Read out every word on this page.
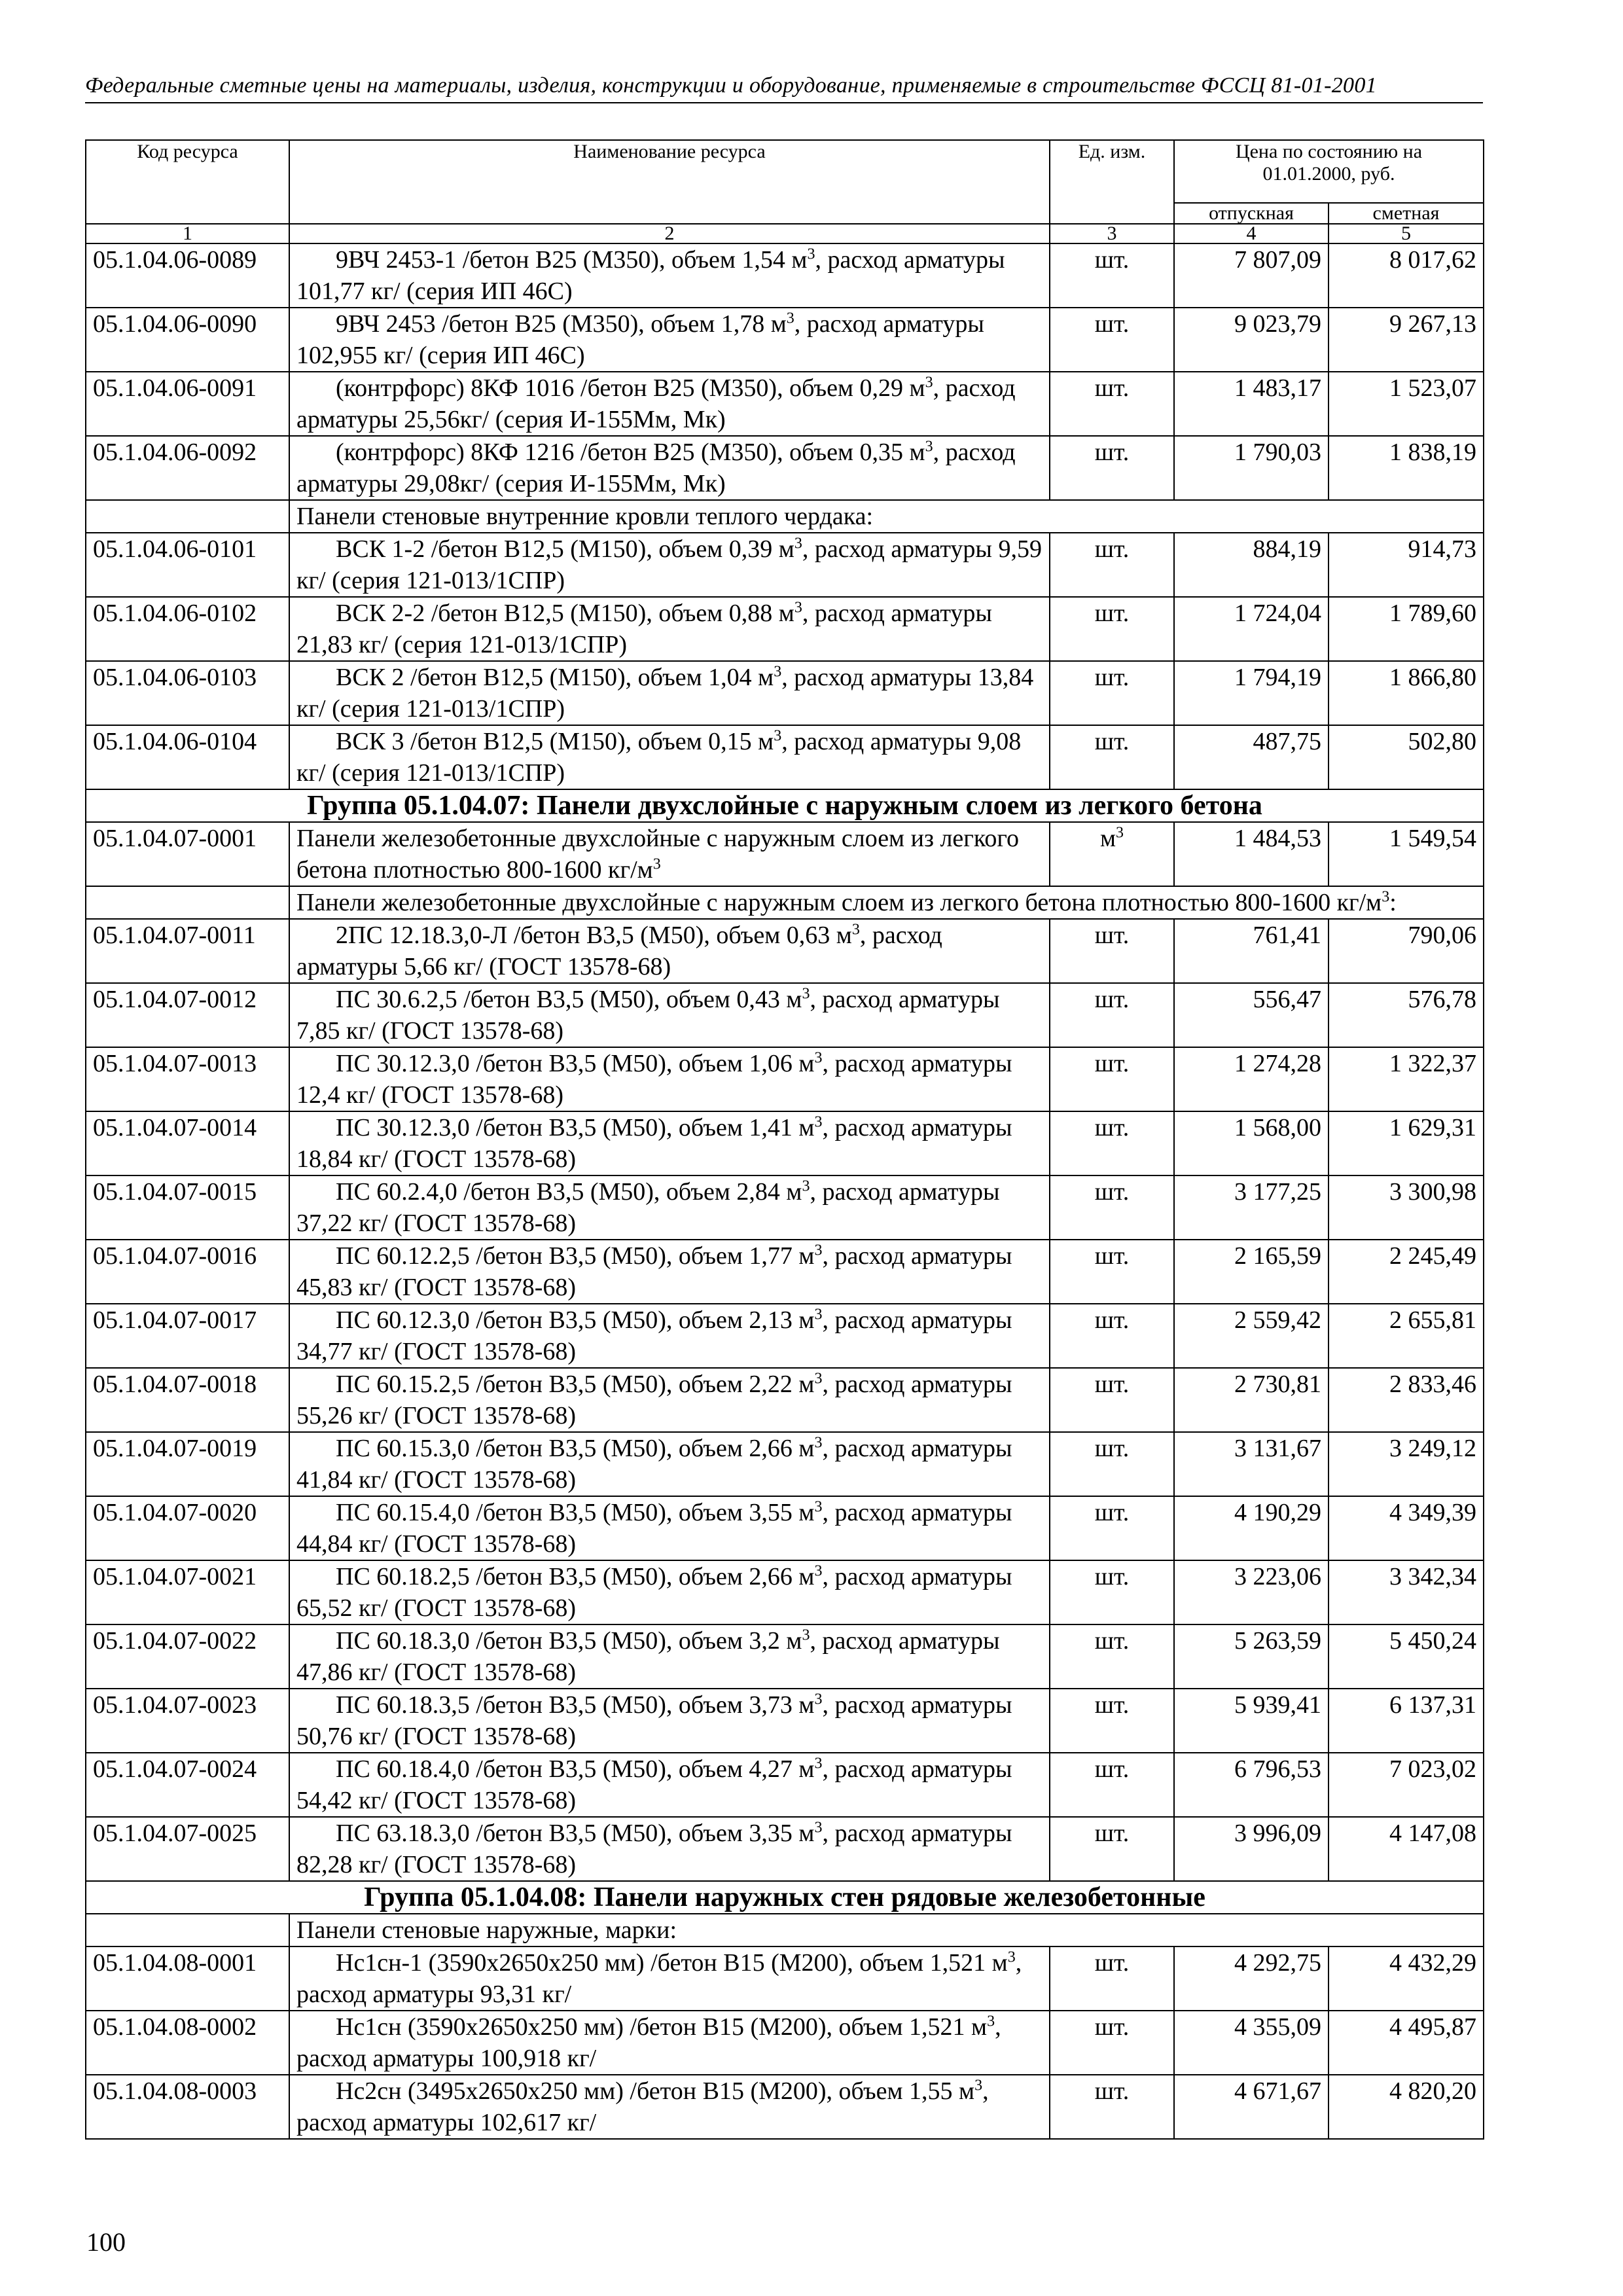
Федеральные сметные цены на материалы, изделия, конструкции и оборудование, применяемые в строительстве ФССЦ 81-01-2001
Код ресурса	Наименование ресурса	Ед. изм.	Цена по состоянию на 01.01.2000, руб.	
			отпускная	сметная
1	2	3	4	5
05.1.04.06-0089	9ВЧ 2453-1 /бетон В25 (М350), объем 1,54 $м^3$, расход арматуры 101,77 кг/ (серия ИП 46С)	шт.	7 807,09	8 017,62
05.1.04.06-0090	9ВЧ 2453 /бетон В25 (М350), объем 1,78 $м^3$, расход арматуры 102,955 кг/ (серия ИП 46С)	шт.	9 023,79	9 267,13
05.1.04.06-0091	(контрфорс) 8КФ 1016 /бетон В25 (М350), объем 0,29 $м^3$, расход арматуры 25,56кг/ (серия И-155Мм, Мк)	шт.	1 483,17	1 523,07
05.1.04.06-0092	(контрфорс) 8КФ 1216 /бетон В25 (М350), объем 0,35 $м^3$, расход арматуры 29,08кг/ (серия И-155Мм, Мк)	шт.	1 790,03	1 838,19
	Панели стеновые внутренние кровли теплого чердака:			
05.1.04.06-0101	ВСК 1-2 /бетон В12,5 (М150), объем 0,39 $м^3$, расход арматуры 9,59 кг/ (серия 121-013/1СПР)	шт.	884,19	914,73
05.1.04.06-0102	ВСК 2-2 /бетон В12,5 (М150), объем 0,88 $м^3$, расход арматуры 21,83 кг/ (серия 121-013/1СПР)	шт.	1 724,04	1 789,60
05.1.04.06-0103	ВСК 2 /бетон В12,5 (М150), объем 1,04 $м^3$, расход арматуры 13,84 кг/ (серия 121-013/1СПР)	шт.	1 794,19	1 866,80
05.1.04.06-0104	ВСК 3 /бетон В12,5 (М150), объем 0,15 $м^3$, расход арматуры 9,08 кг/ (серия 121-013/1СПР)	шт.	487,75	502,80
Группа 05.1.04.07: Панели двухслойные с наружным слоем из легкого бетона				
05.1.04.07-0001	Панели железобетонные двухслойные с наружным слоем из легкого бетона плотностью 800-1600 $кг/м^3$	$м^3$	1 484,53	1 549,54
	Панели железобетонные двухслойные с наружным слоем из легкого бетона плотностью 800-1600 $кг/м^3$:			
05.1.04.07-0011	2ПС 12.18.3,0-Л /бетон В3,5 (М50), объем 0,63 $м^3$, расход арматуры 5,66 кг/ (ГОСТ 13578-68)	шт.	761,41	790,06
05.1.04.07-0012	ПС 30.6.2,5 /бетон В3,5 (М50), объем 0,43 $м^3$, расход арматуры 7,85 кг/ (ГОСТ 13578-68)	шт.	556,47	576,78
05.1.04.07-0013	ПС 30.12.3,0 /бетон В3,5 (М50), объем 1,06 $м^3$, расход арматуры 12,4 кг/ (ГОСТ 13578-68)	шт.	1 274,28	1 322,37
05.1.04.07-0014	ПС 30.12.3,0 /бетон В3,5 (М50), объем 1,41 $м^3$, расход арматуры 18,84 кг/ (ГОСТ 13578-68)	шт.	1 568,00	1 629,31
05.1.04.07-0015	ПС 60.2.4,0 /бетон В3,5 (М50), объем 2,84 $м^3$, расход арматуры 37,22 кг/ (ГОСТ 13578-68)	шт.	3 177,25	3 300,98
05.1.04.07-0016	ПС 60.12.2,5 /бетон В3,5 (М50), объем 1,77 $м^3$, расход арматуры 45,83 кг/ (ГОСТ 13578-68)	шт.	2 165,59	2 245,49
05.1.04.07-0017	ПС 60.12.3,0 /бетон В3,5 (М50), объем 2,13 $м^3$, расход арматуры 34,77 кг/ (ГОСТ 13578-68)	шт.	2 559,42	2 655,81
05.1.04.07-0018	ПС 60.15.2,5 /бетон В3,5 (М50), объем 2,22 $м^3$, расход арматуры 55,26 кг/ (ГОСТ 13578-68)	шт.	2 730,81	2 833,46
05.1.04.07-0019	ПС 60.15.3,0 /бетон В3,5 (М50), объем 2,66 $м^3$, расход арматуры 41,84 кг/ (ГОСТ 13578-68)	шт.	3 131,67	3 249,12
05.1.04.07-0020	ПС 60.15.4,0 /бетон В3,5 (М50), объем 3,55 $м^3$, расход арматуры 44,84 кг/ (ГОСТ 13578-68)	шт.	4 190,29	4 349,39
05.1.04.07-0021	ПС 60.18.2,5 /бетон В3,5 (М50), объем 2,66 $м^3$, расход арматуры 65,52 кг/ (ГОСТ 13578-68)	шт.	3 223,06	3 342,34
05.1.04.07-0022	ПС 60.18.3,0 /бетон В3,5 (М50), объем 3,2 $м^3$, расход арматуры 47,86 кг/ (ГОСТ 13578-68)	шт.	5 263,59	5 450,24
05.1.04.07-0023	ПС 60.18.3,5 /бетон В3,5 (М50), объем 3,73 $м^3$, расход арматуры 50,76 кг/ (ГОСТ 13578-68)	шт.	5 939,41	6 137,31
05.1.04.07-0024	ПС 60.18.4,0 /бетон В3,5 (М50), объем 4,27 $м^3$, расход арматуры 54,42 кг/ (ГОСТ 13578-68)	шт.	6 796,53	7 023,02
05.1.04.07-0025	ПС 63.18.3,0 /бетон В3,5 (М50), объем 3,35 $м^3$, расход арматуры 82,28 кг/ (ГОСТ 13578-68)	шт.	3 996,09	4 147,08
Группа 05.1.04.08: Панели наружных стен рядовые железобетонные				
	Панели стеновые наружные, марки:			
05.1.04.08-0001	Нс1сн-1 (3590х2650х250 мм) /бетон В15 (М200), объем 1,521 $м^3$, расход арматуры 93,31 кг/	шт.	4 292,75	4 432,29
05.1.04.08-0002	Нс1сн (3590х2650х250 мм) /бетон В15 (М200), объем 1,521 $м^3$, расход арматуры 100,918 кг/	шт.	4 355,09	4 495,87
05.1.04.08-0003	Нс2сн (3495х2650х250 мм) /бетон В15 (М200), объем 1,55 $м^3$, расход арматуры 102,617 кг/	шт.	4 671,67	4 820,20
100
